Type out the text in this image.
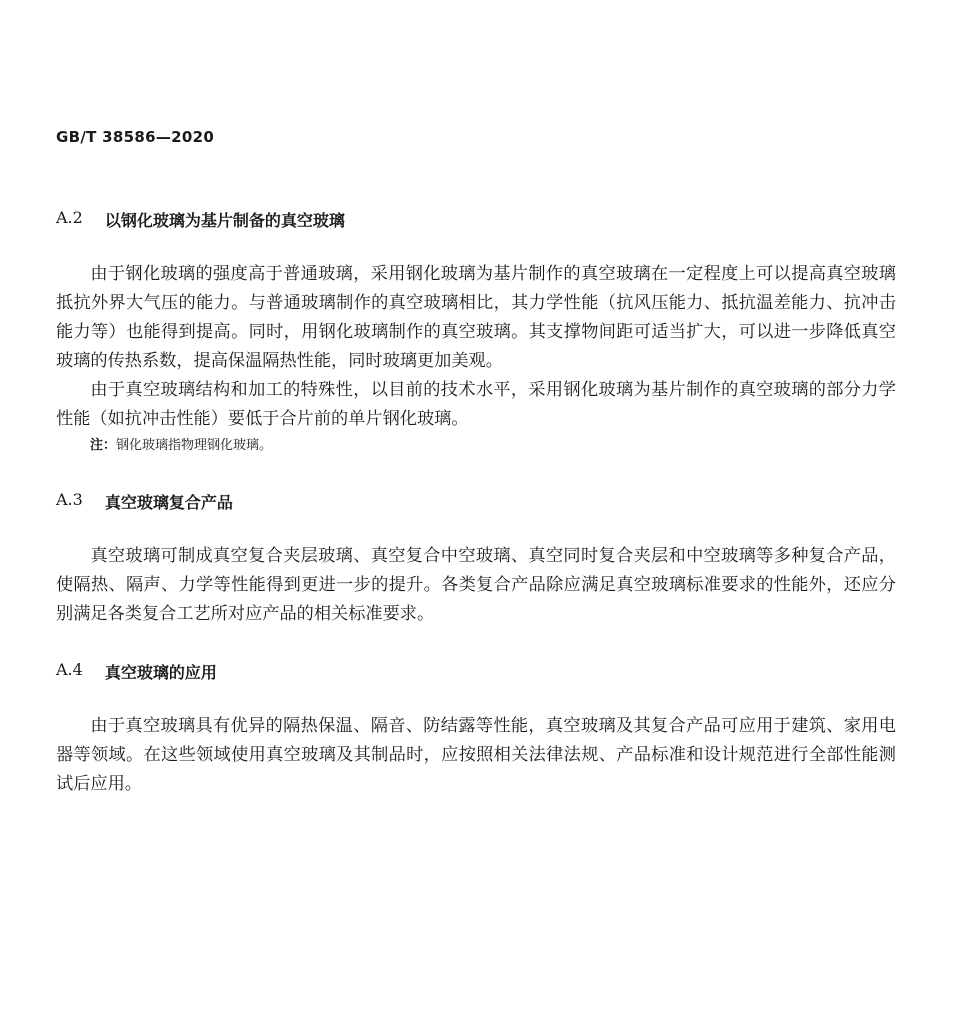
GB/T 38586—2020
A.2 以钢化玻璃为基片制备的真空玻璃

由于钢化玻璃的强度高于普通玻璃，采用钢化玻璃为基片制作的真空玻璃在一定程度上可以提高真空玻璃抵抗外界大气压的能力。与普通玻璃制作的真空玻璃相比，其力学性能（抗风压能力、抵抗温差能力、抗冲击能力等）也能得到提高。同时，用钢化玻璃制作的真空玻璃。其支撑物间距可适当扩大，可以进一步降低真空玻璃的传热系数，提高保温隔热性能，同时玻璃更加美观。

由于真空玻璃结构和加工的特殊性，以目前的技术水平，采用钢化玻璃为基片制作的真空玻璃的部分力学性能（如抗冲击性能）要低于合片前的单片钢化玻璃。

注：钢化玻璃指物理钢化玻璃。
A.3 真空玻璃复合产品

真空玻璃可制成真空复合夹层玻璃、真空复合中空玻璃、真空同时复合夹层和中空玻璃等多种复合产品，使隔热、隔声、力学等性能得到更进一步的提升。各类复合产品除应满足真空玻璃标准要求的性能外，还应分别满足各类复合工艺所对应产品的相关标准要求。

A.4 真空玻璃的应用

由于真空玻璃具有优异的隔热保温、隔音、防结露等性能，真空玻璃及其复合产品可应用于建筑、家用电器等领域。在这些领域使用真空玻璃及其制品时，应按照相关法律法规、产品标准和设计规范进行全部性能测试后应用。
